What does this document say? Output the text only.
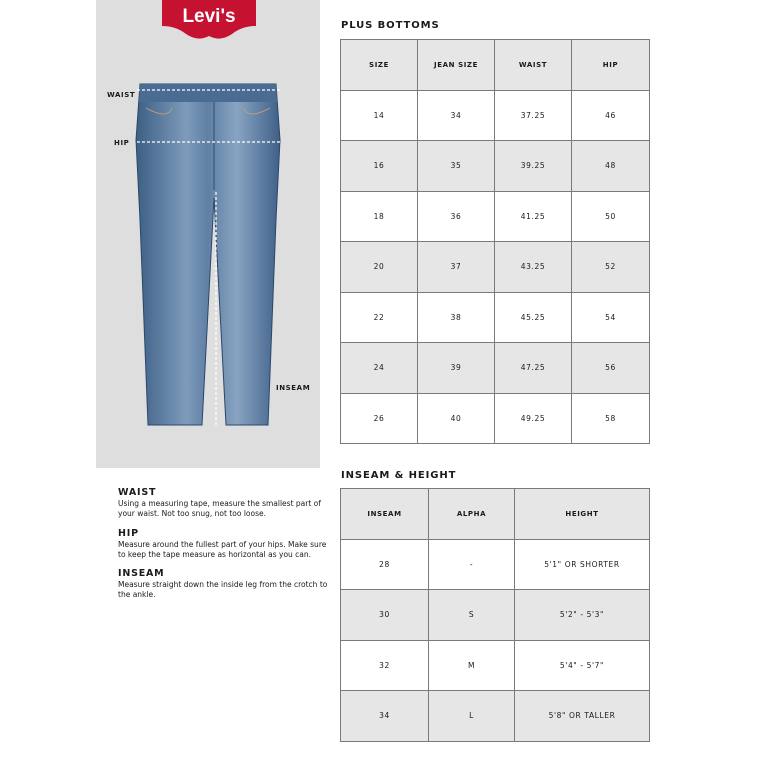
Levi's
WAIST
HIP
INSEAM
WAIST

Using a measuring tape, measure the smallest part of your waist. Not too snug, not too loose.

HIP

Measure around the fullest part of your hips. Make sure to keep the tape measure as horizontal as you can.

INSEAM

Measure straight down the inside leg from the crotch to the ankle.

PLUS BOTTOMS
SIZE	JEAN SIZE	WAIST	HIP
14	34	37.25	46
16	35	39.25	48
18	36	41.25	50
20	37	43.25	52
22	38	45.25	54
24	39	47.25	56
26	40	49.25	58
INSEAM & HEIGHT
INSEAM	ALPHA	HEIGHT
28	-	5'1" OR SHORTER
30	S	5'2" - 5'3"
32	M	5'4" - 5'7"
34	L	5'8" OR TALLER
